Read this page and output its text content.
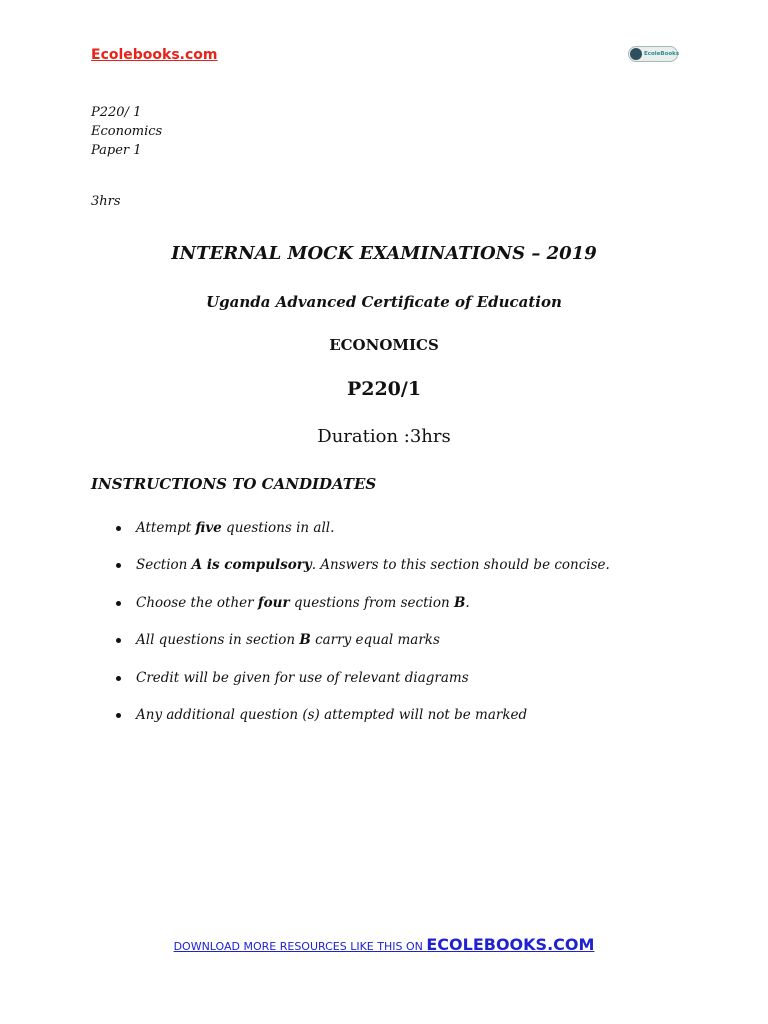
Ecolebooks.com	EcoleBooks
P220/ 1
Economics
Paper 1
3hrs
INTERNAL MOCK EXAMINATIONS – 2019
Uganda Advanced Certificate of Education
ECONOMICS
P220/1
Duration :3hrs
INSTRUCTIONS TO CANDIDATES
Attempt five questions in all.
Section A is compulsory. Answers to this section should be concise.
Choose the other four questions from section B.
All questions in section B carry equal marks
Credit will be given for use of relevant diagrams
Any additional question (s) attempted will not be marked
DOWNLOAD MORE RESOURCES LIKE THIS ON ECOLEBOOKS.COM
